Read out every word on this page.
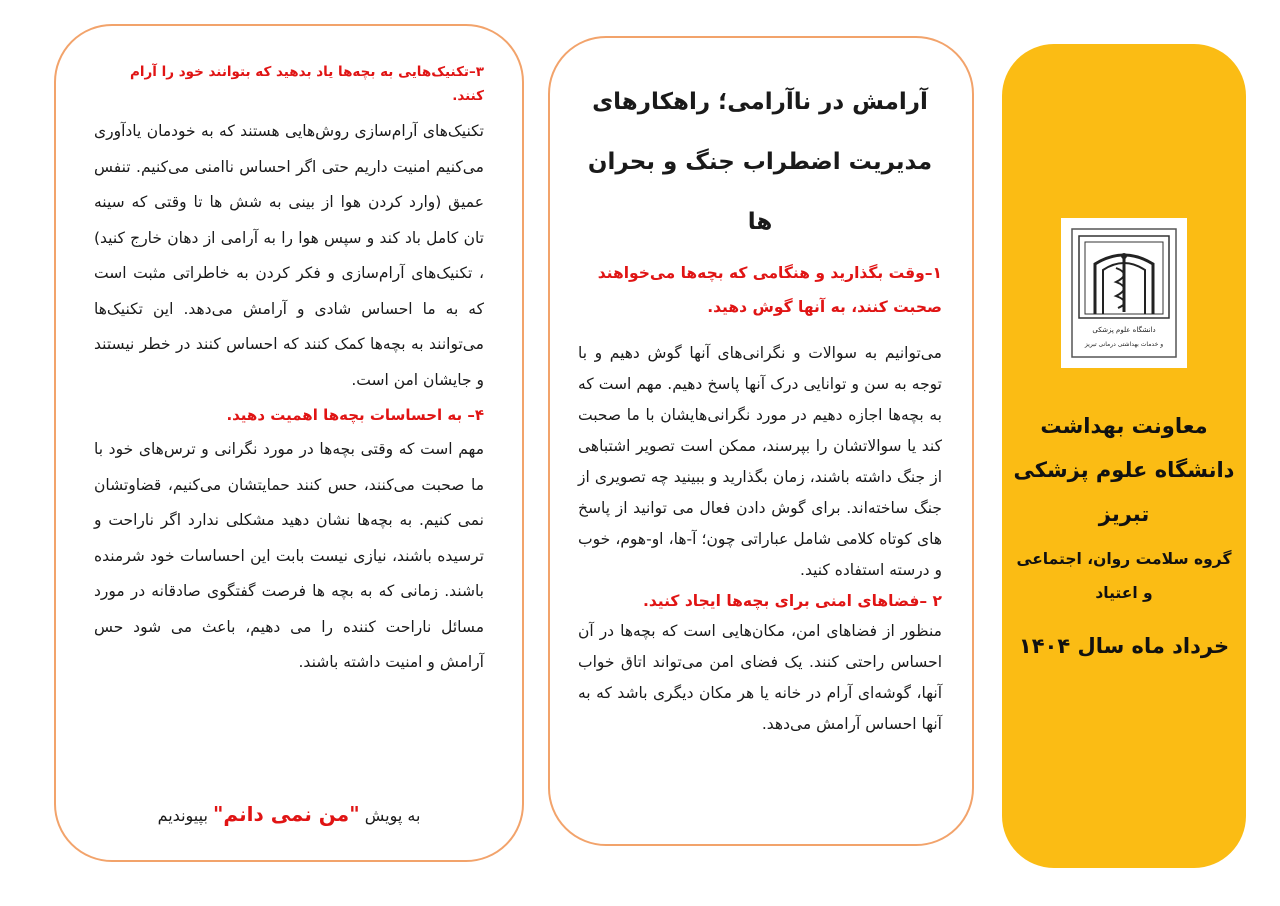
۳–تکنیک‌هایی به بچه‌ها یاد بدهید که بتوانند خود را آرام کنند.

تکنیک‌های آرام‌سازی روش‌هایی هستند که به خودمان یادآوری می‌کنیم امنیت داریم حتی اگر احساس ناامنی می‌کنیم. تنفس عمیق (وارد کردن هوا از بینی به شش ها تا وقتی که سینه تان کامل باد کند و سپس هوا را به آرامی از دهان خارج کنید) ، تکنیک‌های آرام‌سازی و فکر کردن به خاطراتی مثبت است که به ما احساس شادی و آرامش می‌دهد. این تکنیک‌ها می‌توانند به بچه‌ها کمک کنند که احساس کنند در خطر نیستند و جایشان امن است.

۴– به احساسات بچه‌ها اهمیت دهید.

مهم است که وقتی بچه‌ها در مورد نگرانی و ترس‌های خود با ما صحبت می‌کنند، حس کنند حمایتشان می‌کنیم، قضاوتشان نمی کنیم. به بچه‌ها نشان دهید مشکلی ندارد اگر ناراحت و ترسیده باشند، نیازی نیست بابت این احساسات خود شرمنده باشند. زمانی که به بچه ها فرصت گفتگوی صادقانه در مورد مسائل ناراحت کننده را می دهیم، باعث می شود حس آرامش و امنیت داشته باشند.

به پویش "من نمی دانم" بپیوندیم
آرامش در ناآرامی؛ راهکارهای
مدیریت اضطراب جنگ و بحران ها

۱–وقت بگذارید و هنگامی که بچه‌ها می‌خواهند صحبت کنند، به آنها گوش دهید.

می‌توانیم به سوالات و نگرانی‌های آنها گوش دهیم و با توجه به سن و توانایی درک آنها پاسخ دهیم. مهم است که به بچه‌ها اجازه دهیم در مورد نگرانی‌هایشان با ما صحبت کند یا سوالاتشان را بپرسند، ممکن است تصویر اشتباهی از جنگ داشته باشند، زمان بگذارید و ببینید چه تصویری از جنگ ساخته‌اند. برای گوش دادن فعال می توانید از پاسخ های کوتاه کلامی شامل عباراتی چون؛ آ-ها، او-هوم، خوب و درسته استفاده کنید.

۲ –فضاهای امنی برای بچه‌ها ایجاد کنید.

منظور از فضاهای امن، مکان‌هایی است که بچه‌ها در آن احساس راحتی کنند. یک فضای امن می‌تواند اتاق خواب آنها، گوشه‌ای آرام در خانه یا هر مکان دیگری باشد که به آنها احساس آرامش می‌دهد.

معاونت بهداشت
دانشگاه علوم پزشکی
تبریز
گروه سلامت روان، اجتماعی
و اعتیاد
خرداد ماه سال ۱۴۰۴
دانشگاه علوم پزشکی
و خدمات بهداشتی درمانی تبریز
